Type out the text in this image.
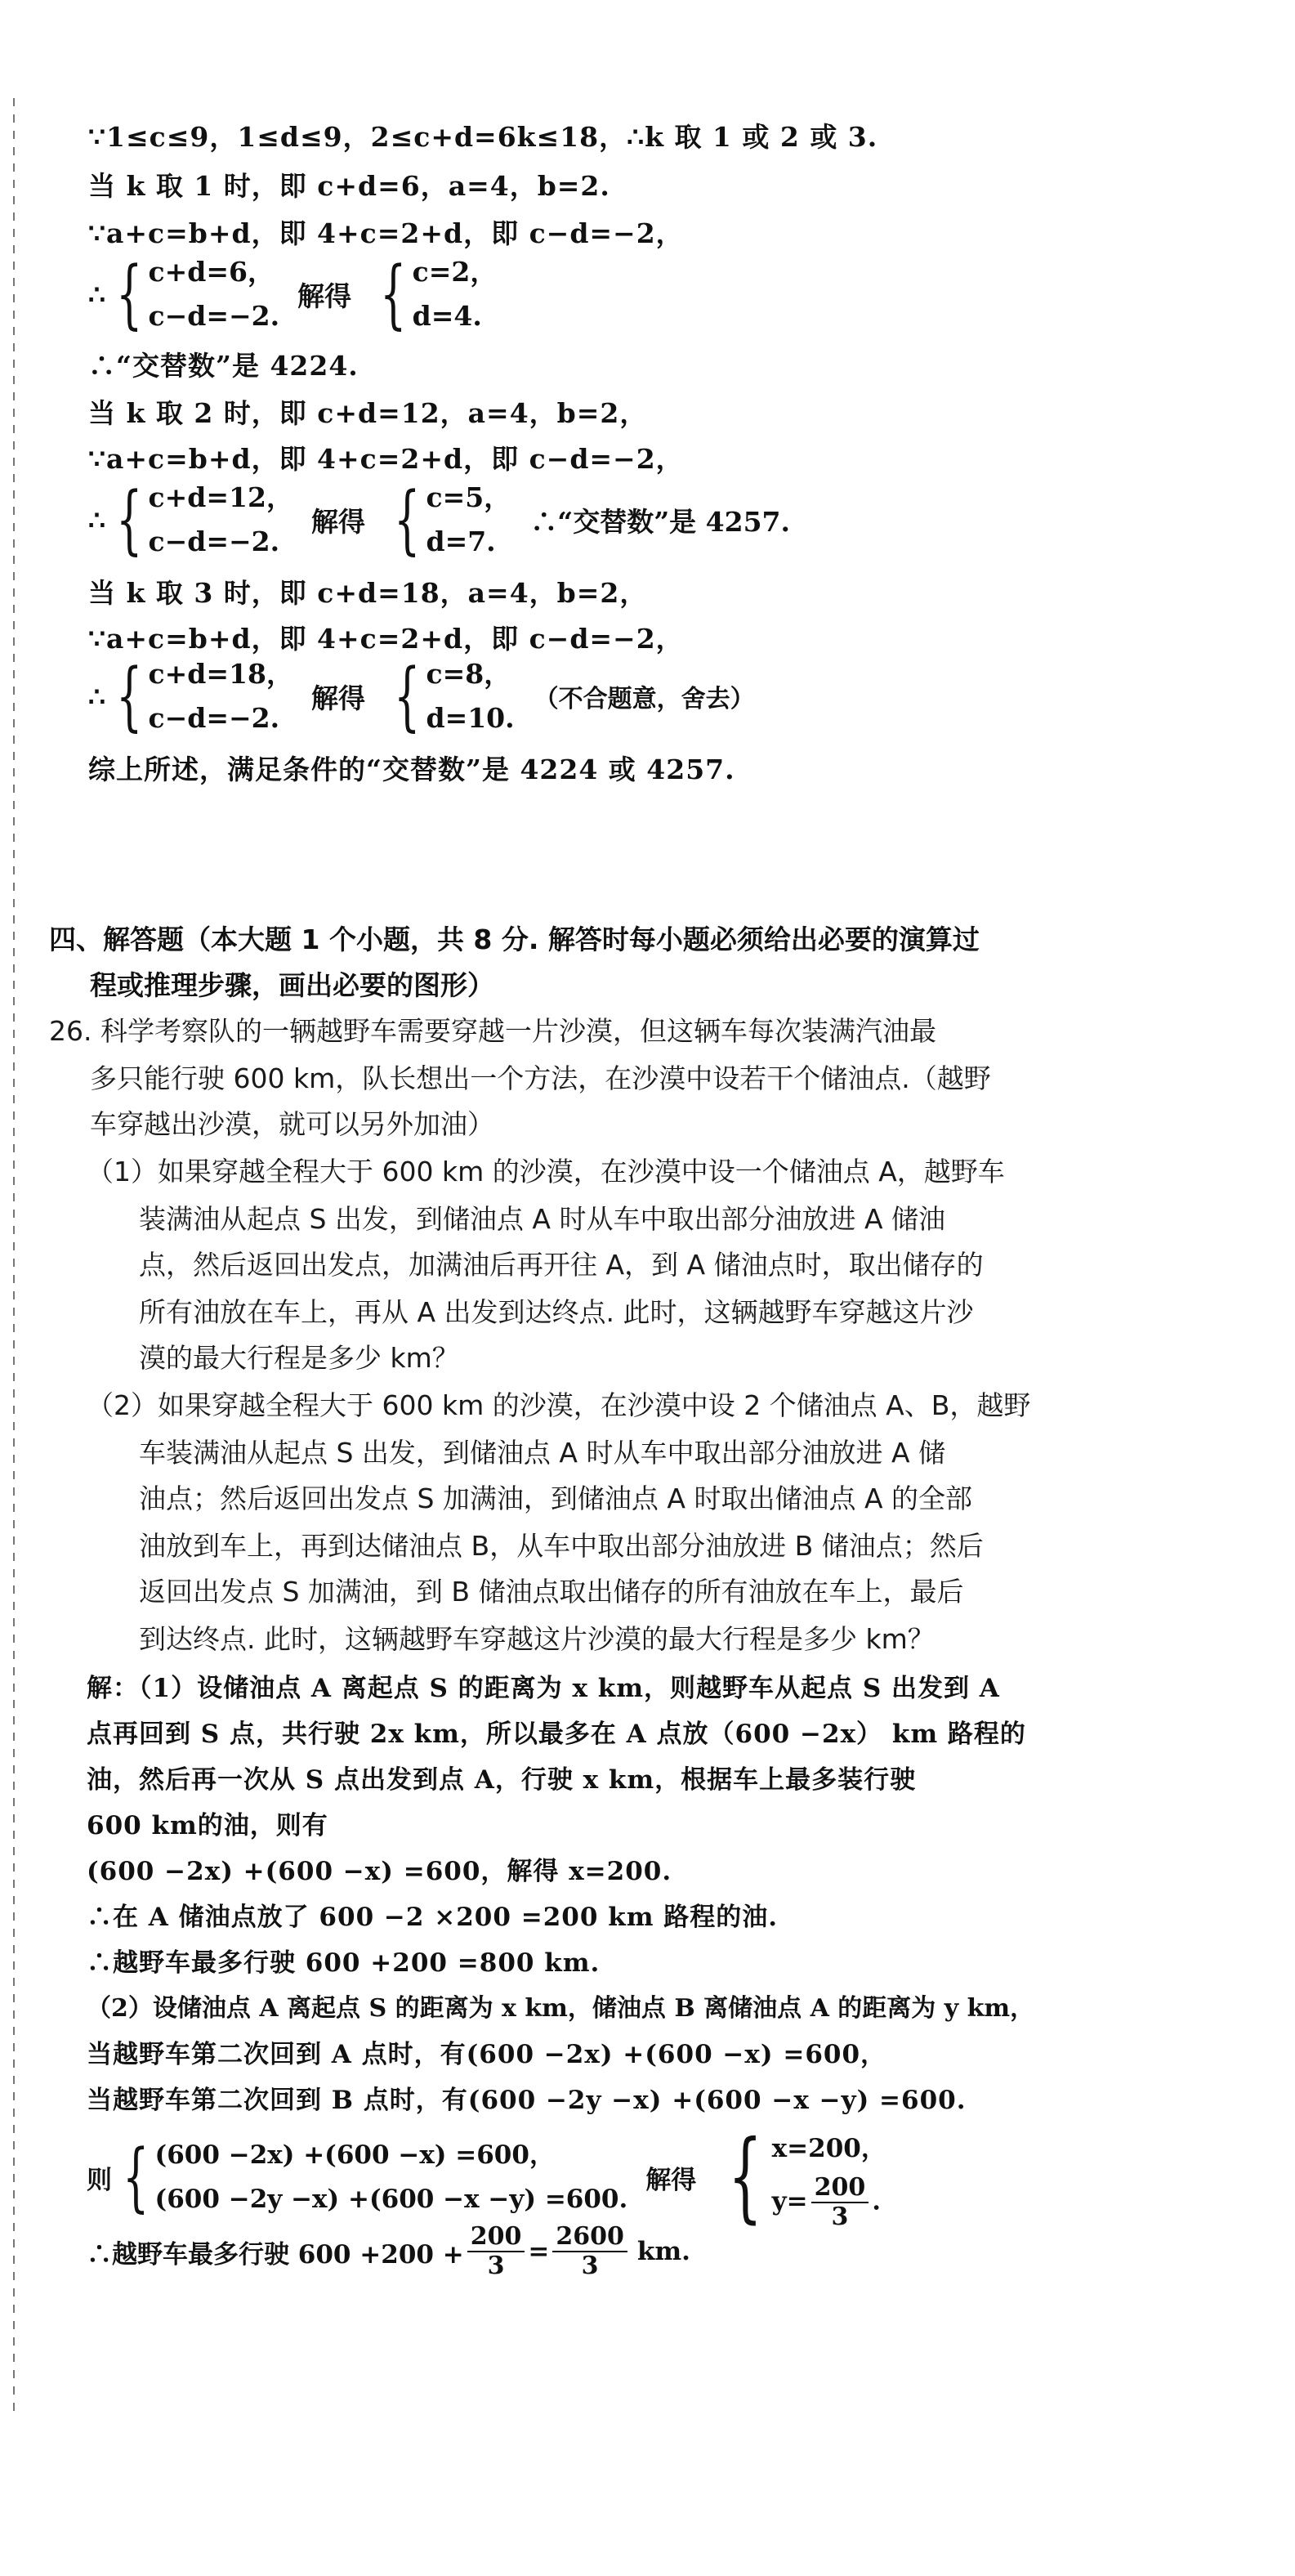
∵1≤c≤9，1≤d≤9，2≤c+d=6k≤18，∴k 取 1 或 2 或 3.
当 k 取 1 时，即 c+d=6，a=4，b=2.
∵a+c=b+d，即 4+c=2+d，即 c−d=−2，
∴ { c+d=6，
c−d=−2.
解得 { c=2，
d=4.
∴“交替数”是 4224.
当 k 取 2 时，即 c+d=12，a=4，b=2，
∵a+c=b+d，即 4+c=2+d，即 c−d=−2，
∴ { c+d=12，
c−d=−2.
解得 { c=5，
d=7.
∴“交替数”是 4257.
当 k 取 3 时，即 c+d=18，a=4，b=2，
∵a+c=b+d，即 4+c=2+d，即 c−d=−2，
∴ { c+d=18，
c−d=−2.
解得 { c=8，
d=10.
（不合题意，舍去）
综上所述，满足条件的“交替数”是 4224 或 4257.
四、解答题（本大题 1 个小题，共 8 分. 解答时每小题必须给出必要的演算过
程或推理步骤，画出必要的图形）
26. 科学考察队的一辆越野车需要穿越一片沙漠，但这辆车每次装满汽油最
多只能行驶 600 km，队长想出一个方法，在沙漠中设若干个储油点.（越野
车穿越出沙漠，就可以另外加油）
（1）如果穿越全程大于 600 km 的沙漠，在沙漠中设一个储油点 A，越野车
装满油从起点 S 出发，到储油点 A 时从车中取出部分油放进 A 储油
点，然后返回出发点，加满油后再开往 A，到 A 储油点时，取出储存的
所有油放在车上，再从 A 出发到达终点. 此时，这辆越野车穿越这片沙
漠的最大行程是多少 km？
（2）如果穿越全程大于 600 km 的沙漠，在沙漠中设 2 个储油点 A、B，越野
车装满油从起点 S 出发，到储油点 A 时从车中取出部分油放进 A 储
油点；然后返回出发点 S 加满油，到储油点 A 时取出储油点 A 的全部
油放到车上，再到达储油点 B，从车中取出部分油放进 B 储油点；然后
返回出发点 S 加满油，到 B 储油点取出储存的所有油放在车上，最后
到达终点. 此时，这辆越野车穿越这片沙漠的最大行程是多少 km？
解：（1）设储油点 A 离起点 S 的距离为 x km，则越野车从起点 S 出发到 A
点再回到 S 点，共行驶 2x km，所以最多在 A 点放（600 −2x） km 路程的
油，然后再一次从 S 点出发到点 A，行驶 x km，根据车上最多装行驶
600 km的油，则有
(600 −2x) +(600 −x) =600，解得 x=200.
∴在 A 储油点放了 600 −2 ×200 =200 km 路程的油.
∴越野车最多行驶 600 +200 =800 km.
（2）设储油点 A 离起点 S 的距离为 x km，储油点 B 离储油点 A 的距离为 y km，
当越野车第二次回到 A 点时，有(600 −2x) +(600 −x) =600，
当越野车第二次回到 B 点时，有(600 −2y −x) +(600 −x −y) =600.
则 { (600 −2x) +(600 −x) =600，
(600 −2y −x) +(600 −x −y) =600.
解得 { x=200，
$y= \frac{200}{3}$ .
∴越野车最多行驶 $600 +200 + \frac{200}{3} = \frac{2600}{3}$ km.
